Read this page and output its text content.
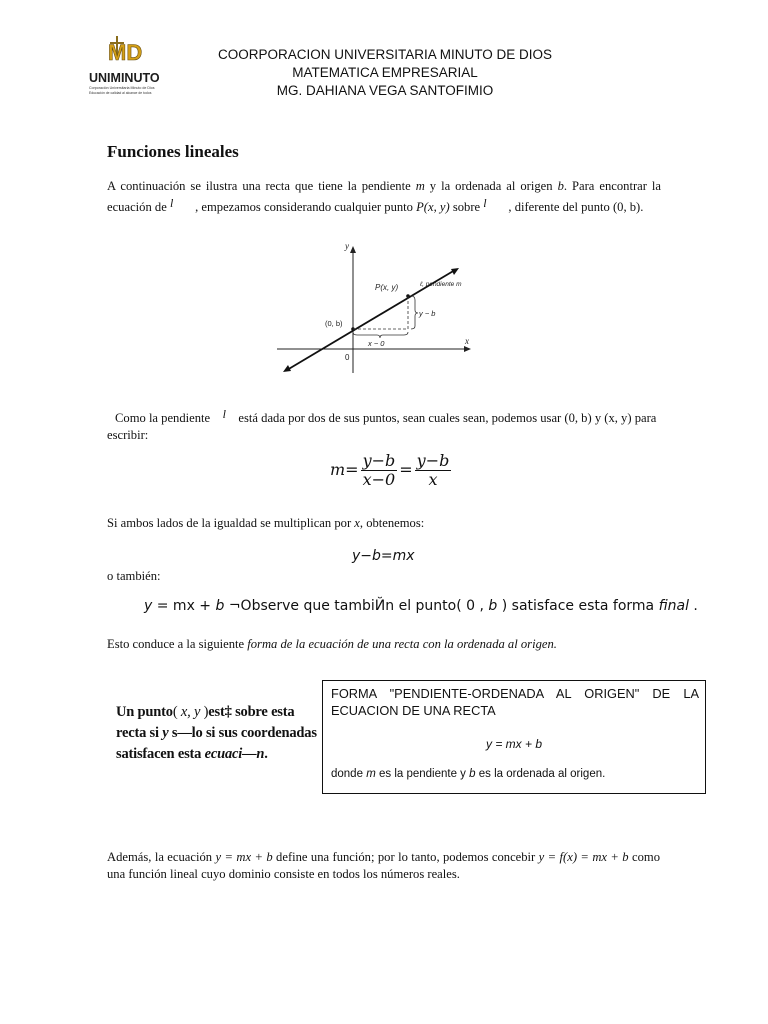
MD
UNIMINUTO
Corporación Universitaria Minuto de Dios
Educación de calidad al alcance de todos
COORPORACION UNIVERSITARIA MINUTO DE DIOS
MATEMATICA EMPRESARIAL
MG. DAHIANA VEGA SANTOFIMIO
Funciones lineales
A continuación se ilustra una recta que tiene la pendiente m y la ordenada al origen b. Para encontrar la ecuación de l , empezamos considerando cualquier punto P(x, y) sobre l , diferente del punto (0, b).
y
x
0
P(x, y)
(0, b)
ℓ, pendiente m
y − b
x − 0
Como la pendiente l está dada por dos de sus puntos, sean cuales sean, podemos usar (0, b) y (x, y) para escribir:
$m= \frac{y-b}{x-0} = \frac{y-b}{x}$
Si ambos lados de la igualdad se multiplican por x, obtenemos:
y−b=mx
o también:
y = mx + b ¬Observe que tambiЙn el punto( 0 , b ) satisface esta forma final .
Esto conduce a la siguiente forma de la ecuación de una recta con la ordenada al origen.
Un punto( x, y )est‡ sobre esta recta si y s—lo si sus coordenadas satisfacen esta ecuaci—n.
FORMA "PENDIENTE-ORDENADA AL ORIGEN" DE LA ECUACION DE UNA RECTA
y = mx + b
donde m es la pendiente y b es la ordenada al origen.
Además, la ecuación y = mx + b define una función; por lo tanto, podemos concebir y = f(x) = mx + b como una función lineal cuyo dominio consiste en todos los números reales.
